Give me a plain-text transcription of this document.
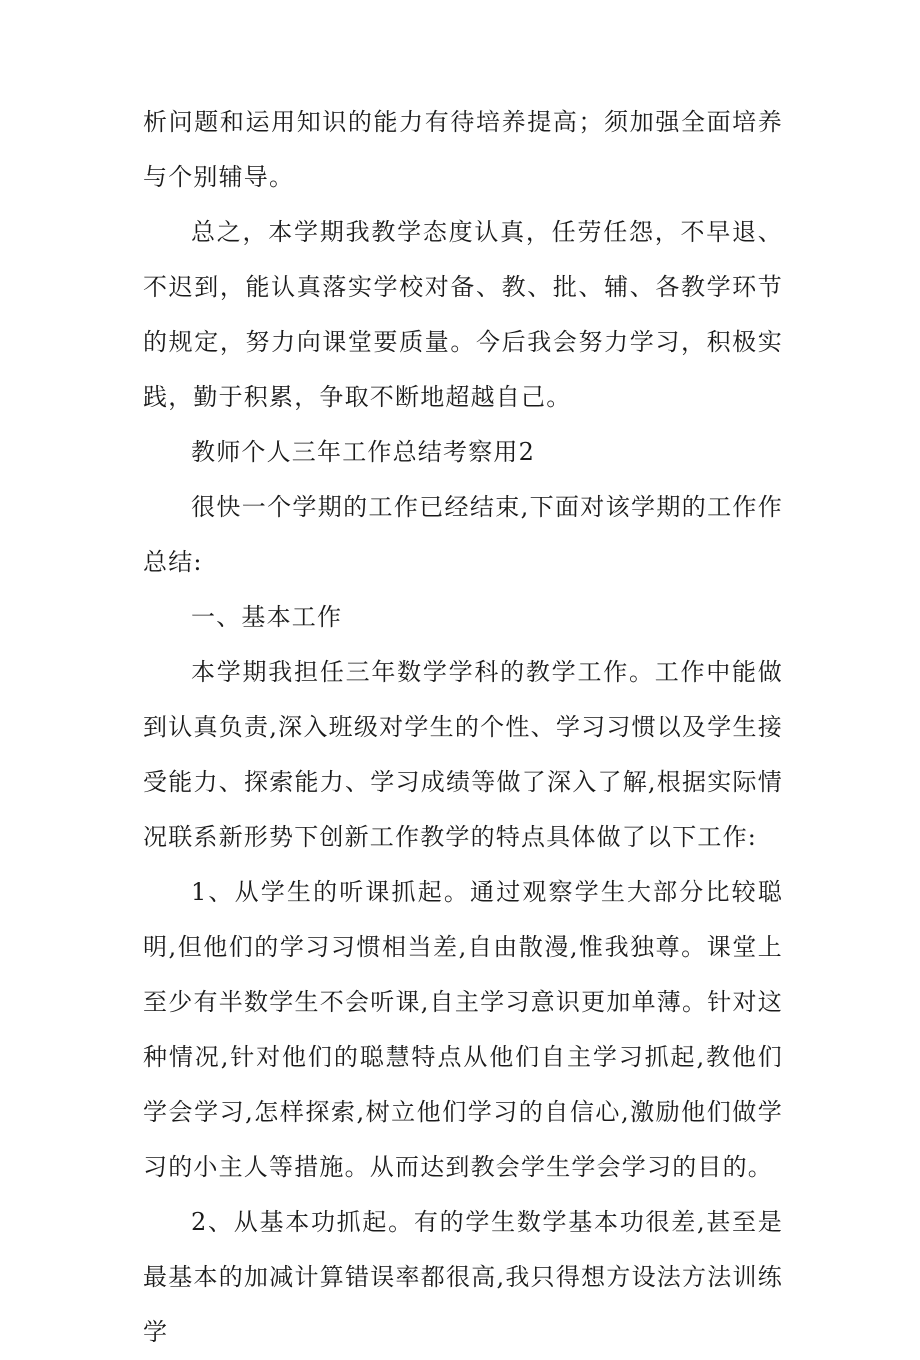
析问题和运用知识的能力有待培养提高；须加强全面培养与个别辅导。

总之，本学期我教学态度认真，任劳任怨，不早退、不迟到，能认真落实学校对备、教、批、辅、各教学环节的规定，努力向课堂要质量。今后我会努力学习，积极实践，勤于积累，争取不断地超越自己。

教师个人三年工作总结考察用2

很快一个学期的工作已经结束,下面对该学期的工作作总结:

一、基本工作

本学期我担任三年数学学科的教学工作。工作中能做到认真负责,深入班级对学生的个性、学习习惯以及学生接受能力、探索能力、学习成绩等做了深入了解,根据实际情况联系新形势下创新工作教学的特点具体做了以下工作:

1、从学生的听课抓起。通过观察学生大部分比较聪明,但他们的学习习惯相当差,自由散漫,惟我独尊。课堂上至少有半数学生不会听课,自主学习意识更加单薄。针对这种情况,针对他们的聪慧特点从他们自主学习抓起,教他们学会学习,怎样探索,树立他们学习的自信心,激励他们做学习的小主人等措施。从而达到教会学生学会学习的目的。

2、从基本功抓起。有的学生数学基本功很差,甚至是最基本的加减计算错误率都很高,我只得想方设法方法训练学
